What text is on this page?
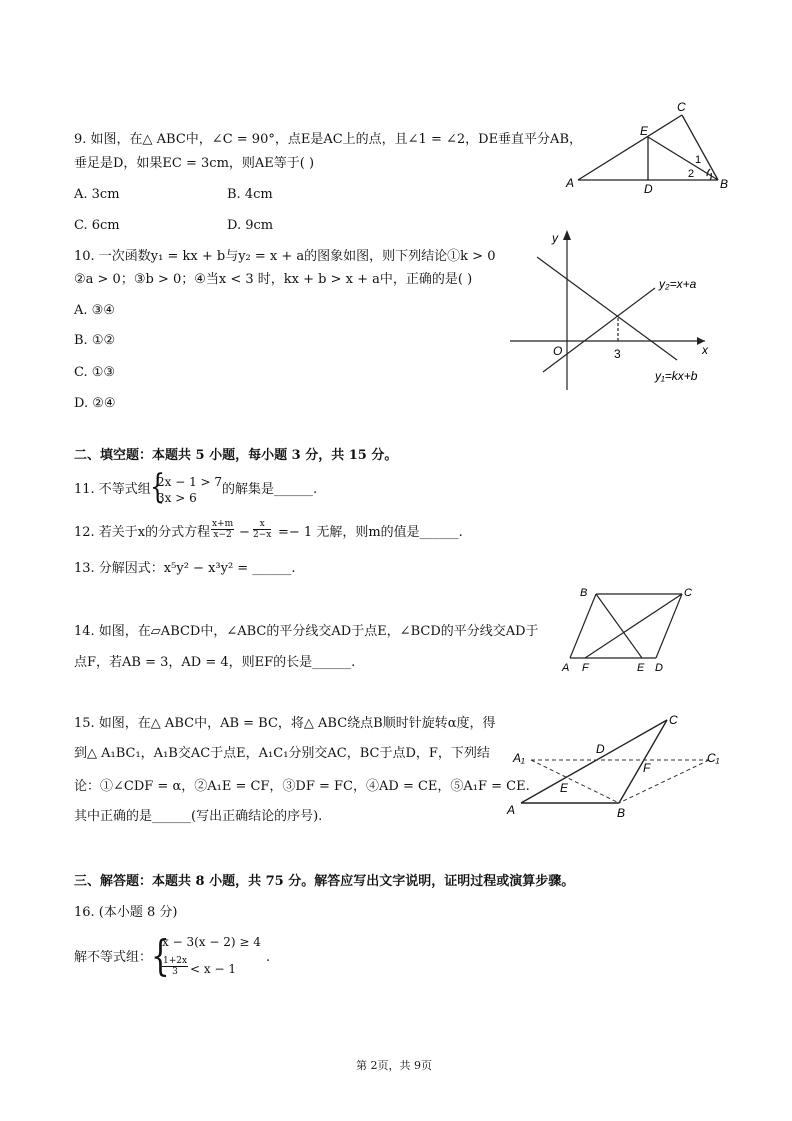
9. 如图，在△ ABC中，∠C = 90°，点E是AC上的点，且∠1 = ∠2，DE垂直平分AB，
垂足是D，如果EC = 3cm，则AE等于( )
A. 3cm	B. 4cm
C. 6cm	D. 9cm
A	B
C
D
E
1
2
10. 一次函数y₁ = kx + b与y₂ = x + a的图象如图，则下列结论①k > 0
②a > 0；③b > 0；④当x < 3 时，kx + b > x + a中，正确的是( )
A. ③④
B. ①②
C. ①③
D. ②④
y
x
O	3
y₂=x+a
y₁=kx+b
二、填空题：本题共 5 小题，每小题 3 分，共 15 分。
11. 不等式组 {
2x − 1 > 7
3x > 6
的解集是______.
12. 若关于x的分式方程 $\frac{x+m}{x-2} - \frac{x}{2-x} =- 1$ 无解，则m的值是______.
13. 分解因式：x⁵y² − x³y² = ______.
14. 如图，在▱ABCD中，∠ABC的平分线交AD于点E，∠BCD的平分线交AD于
点F，若AB = 3，AD = 4，则EF的长是______.
B	C
A F	E D
15. 如图，在△ ABC中，AB = BC，将△ ABC绕点B顺时针旋转α度，得
到△ A₁BC₁，A₁B交AC于点E，A₁C₁分别交AC，BC于点D，F，下列结
论：①∠CDF = α，②A₁E = CF，③DF = FC，④AD = CE，⑤A₁F = CE.
其中正确的是______(写出正确结论的序号).	A	B
C
D
E
F
A₁	C₁
三、解答题：本题共 8 小题，共 75 分。解答应写出文字说明，证明过程或演算步骤。
16. (本小题 8 分)
解不等式组：
{
x − 3(x − 2) ≥ 4
$\frac{1+2x}{3} < x - 1$
.
第 2页，共 9页
